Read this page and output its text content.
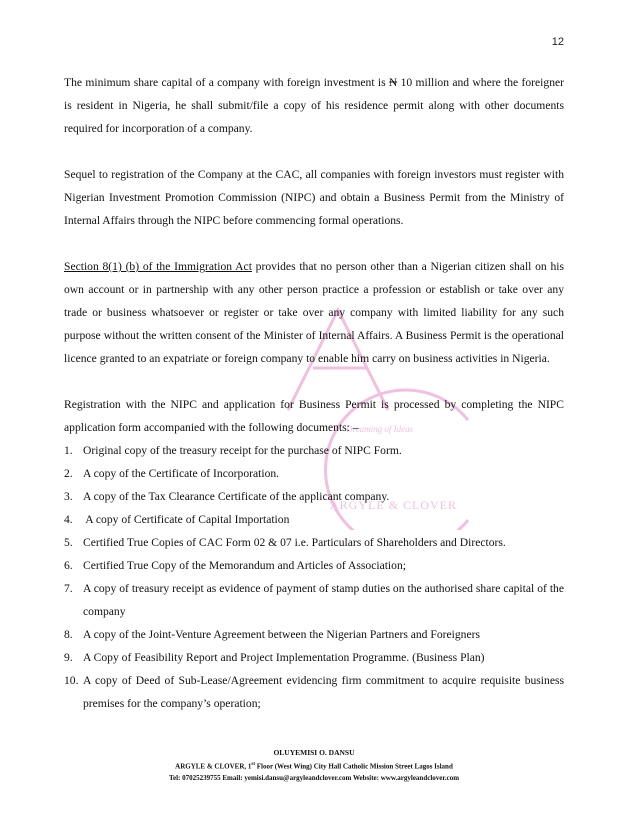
12
Dreaming of Ideas
ARGYLE & CLOVER

The minimum share capital of a company with foreign investment is ₦ 10 million and where the foreigner is resident in Nigeria, he shall submit/file a copy of his residence permit along with other documents required for incorporation of a company.

Sequel to registration of the Company at the CAC, all companies with foreign investors must register with Nigerian Investment Promotion Commission (NIPC) and obtain a Business Permit from the Ministry of Internal Affairs through the NIPC before commencing formal operations.

Section 8(1) (b) of the Immigration Act provides that no person other than a Nigerian citizen shall on his own account or in partnership with any other person practice a profession or establish or take over any trade or business whatsoever or register or take over any company with limited liability for any such purpose without the written consent of the Minister of Internal Affairs. A Business Permit is the operational licence granted to an expatriate or foreign company to enable him carry on business activities in Nigeria.

Registration with the NIPC and application for Business Permit is processed by completing the NIPC application form accompanied with the following documents: –
1. Original copy of the treasury receipt for the purchase of NIPC Form.
2. A copy of the Certificate of Incorporation.
3. A copy of the Tax Clearance Certificate of the applicant company.
4. A copy of Certificate of Capital Importation
5. Certified True Copies of CAC Form 02 & 07 i.e. Particulars of Shareholders and Directors.
6. Certified True Copy of the Memorandum and Articles of Association;
7. A copy of treasury receipt as evidence of payment of stamp duties on the authorised share capital of the company
8. A copy of the Joint-Venture Agreement between the Nigerian Partners and Foreigners
9. A Copy of Feasibility Report and Project Implementation Programme. (Business Plan)
10. A copy of Deed of Sub-Lease/Agreement evidencing firm commitment to acquire requisite business premises for the company’s operation;
OLUYEMISI O. DANSU
ARGYLE & CLOVER, 1st Floor (West Wing) City Hall Catholic Mission Street Lagos Island
Tel: 07025239755 Email: yemisi.dansu@argyleandclover.com Website: www.argyleandclover.com
